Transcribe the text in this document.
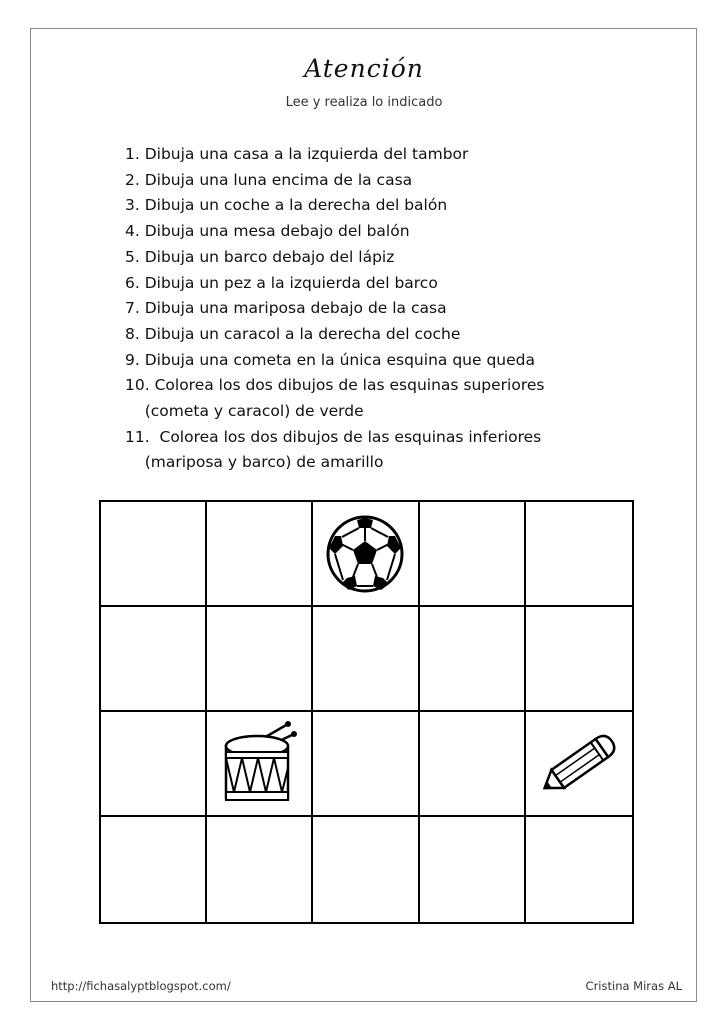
Atención
Lee y realiza lo indicado
1. Dibuja una casa a la izquierda del tambor
2. Dibuja una luna encima de la casa
3. Dibuja un coche a la derecha del balón
4. Dibuja una mesa debajo del balón
5. Dibuja un barco debajo del lápiz
6. Dibuja un pez a la izquierda del barco
7. Dibuja una mariposa debajo de la casa
8. Dibuja un caracol a la derecha del coche
9. Dibuja una cometa en la única esquina que queda
10. Colorea los dos dibujos de las esquinas superiores
(cometa y caracol) de verde
11.  Colorea los dos dibujos de las esquinas inferiores
(mariposa y barco) de amarillo
http://fichasalyptblogspot.com/	Cristina Miras AL
